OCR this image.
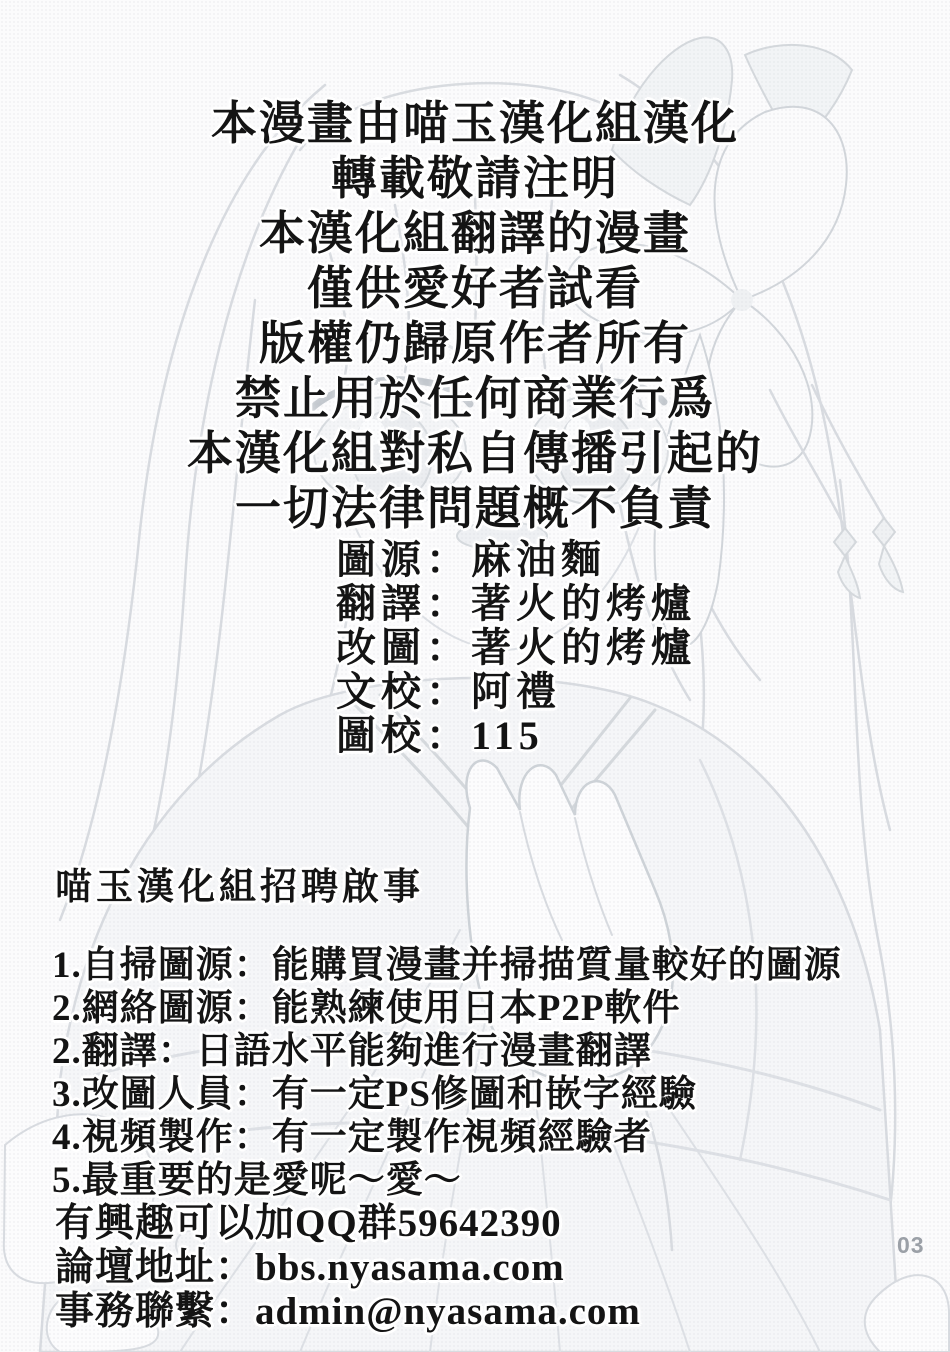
本漫畫由喵玉漢化組漢化
轉載敬請注明
本漢化組翻譯的漫畫
僅供愛好者試看
版權仍歸原作者所有
禁止用於任何商業行爲
本漢化組對私自傳播引起的
一切法律問題概不負責
圖源：麻油麵
翻譯：著火的烤爐
改圖：著火的烤爐
文校：阿禮
圖校：115
喵玉漢化組招聘啟事
1.自掃圖源：能購買漫畫并掃描質量較好的圖源
2.網絡圖源：能熟練使用日本P2P軟件
2.翻譯：日語水平能夠進行漫畫翻譯
3.改圖人員：有一定PS修圖和嵌字經驗
4.視頻製作：有一定製作視頻經驗者
5.最重要的是愛呢～愛～
有興趣可以加QQ群59642390
論壇地址：bbs.nyasama.com
事務聯繫：admin@nyasama.com
03
